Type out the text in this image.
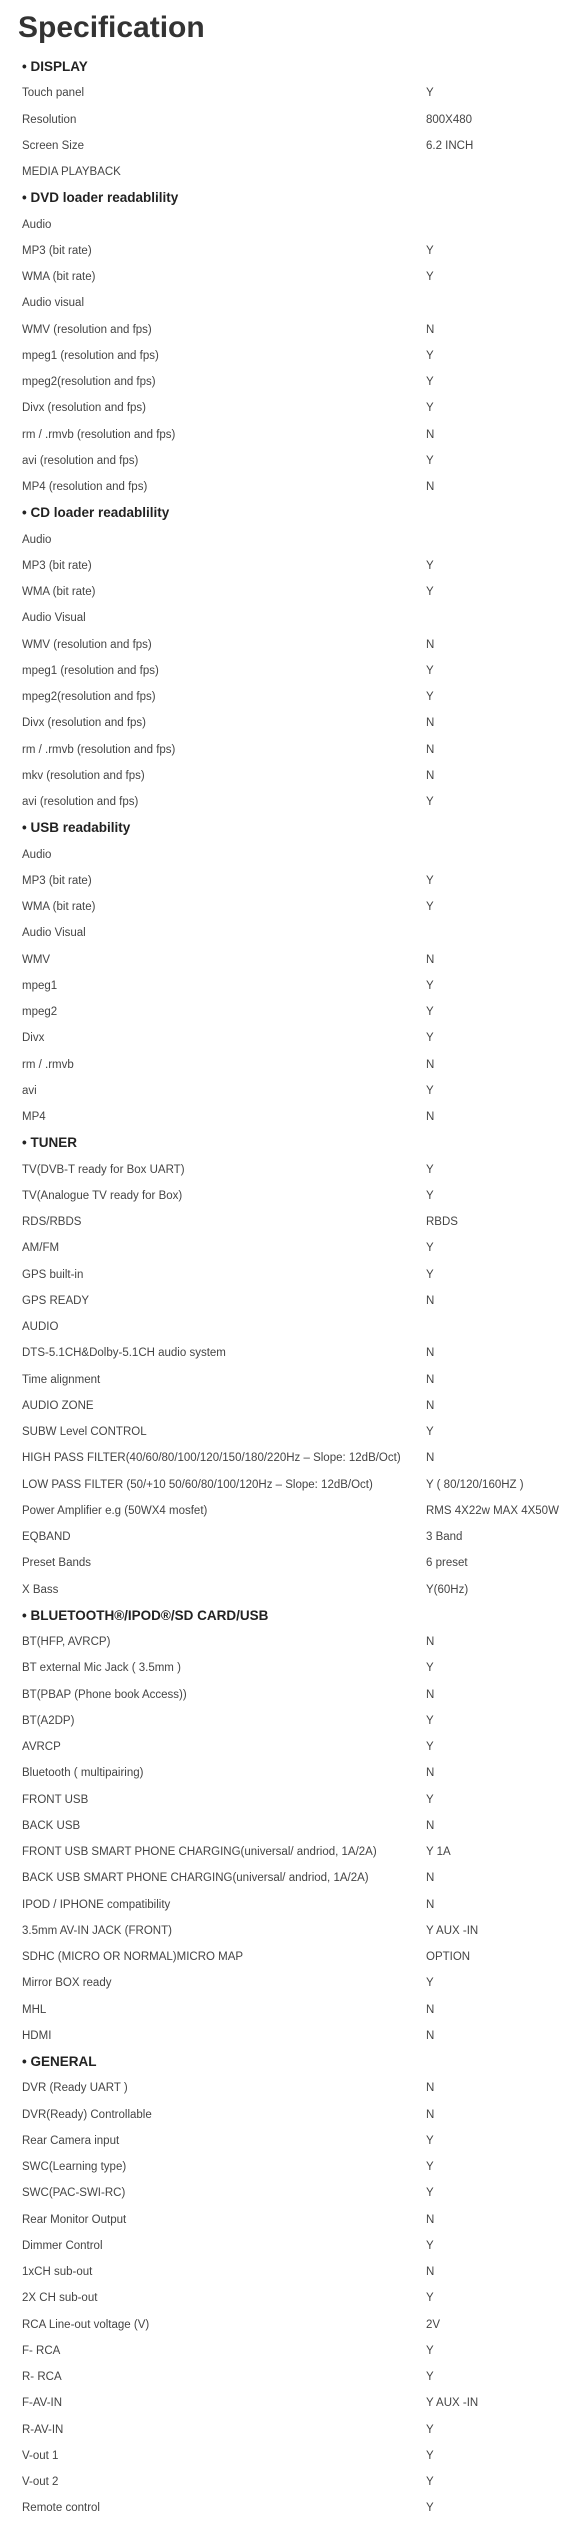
Specification
• DISPLAY
Touch panel	Y
Resolution	800X480
Screen Size	6.2 INCH
MEDIA PLAYBACK
• DVD loader readablility
Audio
MP3 (bit rate)	Y
WMA (bit rate)	Y
Audio visual
WMV (resolution and fps)	N
mpeg1 (resolution and fps)	Y
mpeg2(resolution and fps)	Y
Divx (resolution and fps)	Y
rm / .rmvb (resolution and fps)	N
avi (resolution and fps)	Y
MP4 (resolution and fps)	N
• CD loader readablility
Audio
MP3 (bit rate)	Y
WMA (bit rate)	Y
Audio Visual
WMV (resolution and fps)	N
mpeg1 (resolution and fps)	Y
mpeg2(resolution and fps)	Y
Divx (resolution and fps)	N
rm / .rmvb (resolution and fps)	N
mkv (resolution and fps)	N
avi (resolution and fps)	Y
• USB readability
Audio
MP3 (bit rate)	Y
WMA (bit rate)	Y
Audio Visual
WMV	N
mpeg1	Y
mpeg2	Y
Divx	Y
rm / .rmvb	N
avi	Y
MP4	N
• TUNER
TV(DVB-T ready for Box UART)	Y
TV(Analogue TV ready for Box)	Y
RDS/RBDS	RBDS
AM/FM	Y
GPS built-in	Y
GPS READY	N
AUDIO
DTS-5.1CH&Dolby-5.1CH audio system	N
Time alignment	N
AUDIO ZONE	N
SUBW Level CONTROL	Y
HIGH PASS FILTER(40/60/80/100/120/150/180/220Hz – Slope: 12dB/Oct) N
LOW PASS FILTER (50/+10 50/60/80/100/120Hz – Slope: 12dB/Oct)	Y ( 80/120/160HZ )
Power Amplifier e.g (50WX4 mosfet)	RMS 4X22w MAX 4X50W
EQBAND	3 Band
Preset Bands	6 preset
X Bass	Y(60Hz)
• BLUETOOTH®/IPOD®/SD CARD/USB
BT(HFP, AVRCP)	N
BT external Mic Jack ( 3.5mm )	Y
BT(PBAP (Phone book Access))	N
BT(A2DP)	Y
AVRCP	Y
Bluetooth ( multipairing)	N
FRONT USB	Y
BACK USB	N
FRONT USB SMART PHONE CHARGING(universal/ andriod, 1A/2A)	Y 1A
BACK USB SMART PHONE CHARGING(universal/ andriod, 1A/2A)	N
IPOD / IPHONE compatibility	N
3.5mm AV-IN JACK (FRONT)	Y AUX -IN
SDHC (MICRO OR NORMAL)MICRO MAP	OPTION
Mirror BOX ready	Y
MHL	N
HDMI	N
• GENERAL
DVR (Ready UART )	N
DVR(Ready) Controllable	N
Rear Camera input	Y
SWC(Learning type)	Y
SWC(PAC-SWI-RC)	Y
Rear Monitor Output	N
Dimmer Control	Y
1xCH sub-out	N
2X CH sub-out	Y
RCA Line-out voltage (V)	2V
F- RCA	Y
R- RCA	Y
F-AV-IN	Y AUX -IN
R-AV-IN	Y
V-out 1	Y
V-out 2	Y
Remote control	Y
